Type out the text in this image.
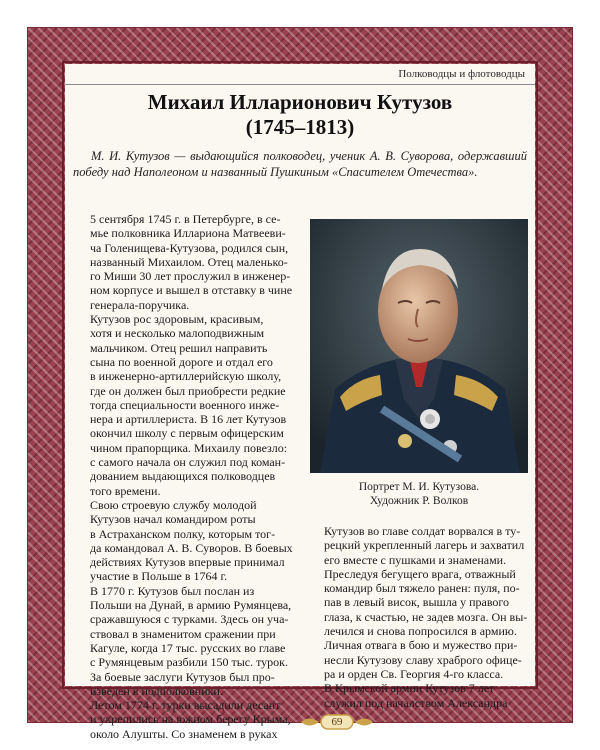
Полководцы и флотоводцы
Михаил Илларионович Кутузов
(1745–1813)

М. И. Кутузов — выдающийся полководец, ученик А. В. Суворова, одержавший победу над Наполеоном и названный Пушкиным «Спасителем Отечества».

5 сентября 1745 г. в Петербурге, в се-
мье полковника Иллариона Матвееви-
ча Голенищева-Кутузова, родился сын,
названный Михаилом. Отец маленько-
го Миши 30 лет прослужил в инженер-
ном корпусе и вышел в отставку в чине
генерала-поручика.

Кутузов рос здоровым, красивым,
хотя и несколько малоподвижным
мальчиком. Отец решил направить
сына по военной дороге и отдал его
в инженерно-артиллерийскую школу,
где он должен был приобрести редкие
тогда специальности военного инже-
нера и артиллериста. В 16 лет Кутузов
окончил школу с первым офицерским
чином прапорщика. Михаилу повезло:
с самого начала он служил под коман-
дованием выдающихся полководцев
того времени.

Свою строевую службу молодой
Кутузов начал командиром роты
в Астраханском полку, которым тог-
да командовал А. В. Суворов. В боевых
действиях Кутузов впервые принимал
участие в Польше в 1764 г.

В 1770 г. Кутузов был послан из
Польши на Дунай, в армию Румянцева,
сражавшуюся с турками. Здесь он уча-
ствовал в знаменитом сражении при
Кагуле, когда 17 тыс. русских во главе
с Румянцевым разбили 150 тыс. турок.

За боевые заслуги Кутузов был про-
изведен в подполковники.

Летом 1774 г. турки высадили десант
и укрепились на южном берегу Крыма,
около Алушты. Со знаменем в руках

Портрет М. И. Кутузова.
Художник Р. Волков

Кутузов во главе солдат ворвался в ту-
рецкий укрепленный лагерь и захватил
его вместе с пушками и знаменами.
Преследуя бегущего врага, отважный
командир был тяжело ранен: пуля, по-
пав в левый висок, вышла у правого
глаза, к счастью, не задев мозга. Он вы-
лечился и снова попросился в армию.
Личная отвага в бою и мужество при-
несли Кутузову славу храброго офице-
ра и орден Св. Георгия 4-го класса.

В Крымской армии Кутузов 7 лет
служил под началством Александра

69
